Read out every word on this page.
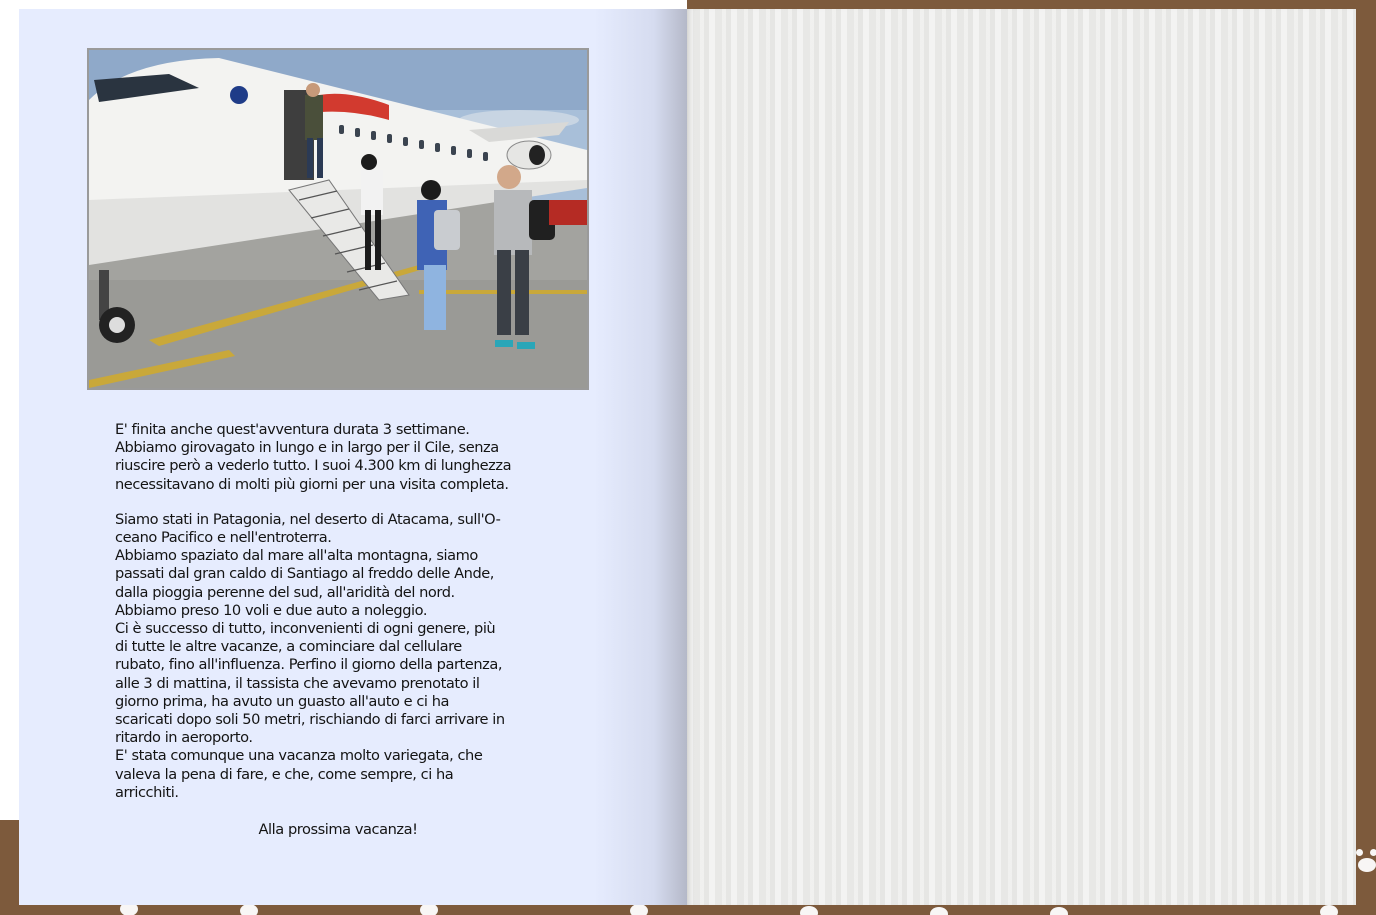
E' finita anche quest'avventura durata 3 settimane.

Abbiamo girovagato in lungo e in largo per il Cile, senza

riuscire però a vederlo tutto. I suoi 4.300 km di lunghezza

necessitavano di molti più giorni per una visita completa.

Siamo stati in Patagonia, nel deserto di Atacama, sull'O-

ceano Pacifico e nell'entroterra.

Abbiamo spaziato dal mare all'alta montagna, siamo

passati dal gran caldo di Santiago al freddo delle Ande,

dalla pioggia perenne del sud, all'aridità del nord.

Abbiamo preso 10 voli e due auto a noleggio.

Ci è successo di tutto, inconvenienti di ogni genere, più

di tutte le altre vacanze, a cominciare dal cellulare

rubato, fino all'influenza. Perfino il giorno della partenza,

alle 3 di mattina, il tassista che avevamo prenotato il

giorno prima, ha avuto un guasto all'auto e ci ha

scaricati dopo soli 50 metri, rischiando di farci arrivare in

ritardo in aeroporto.

E' stata comunque una vacanza molto variegata, che

valeva la pena di fare, e che, come sempre, ci ha

arricchiti.

Alla prossima vacanza!
